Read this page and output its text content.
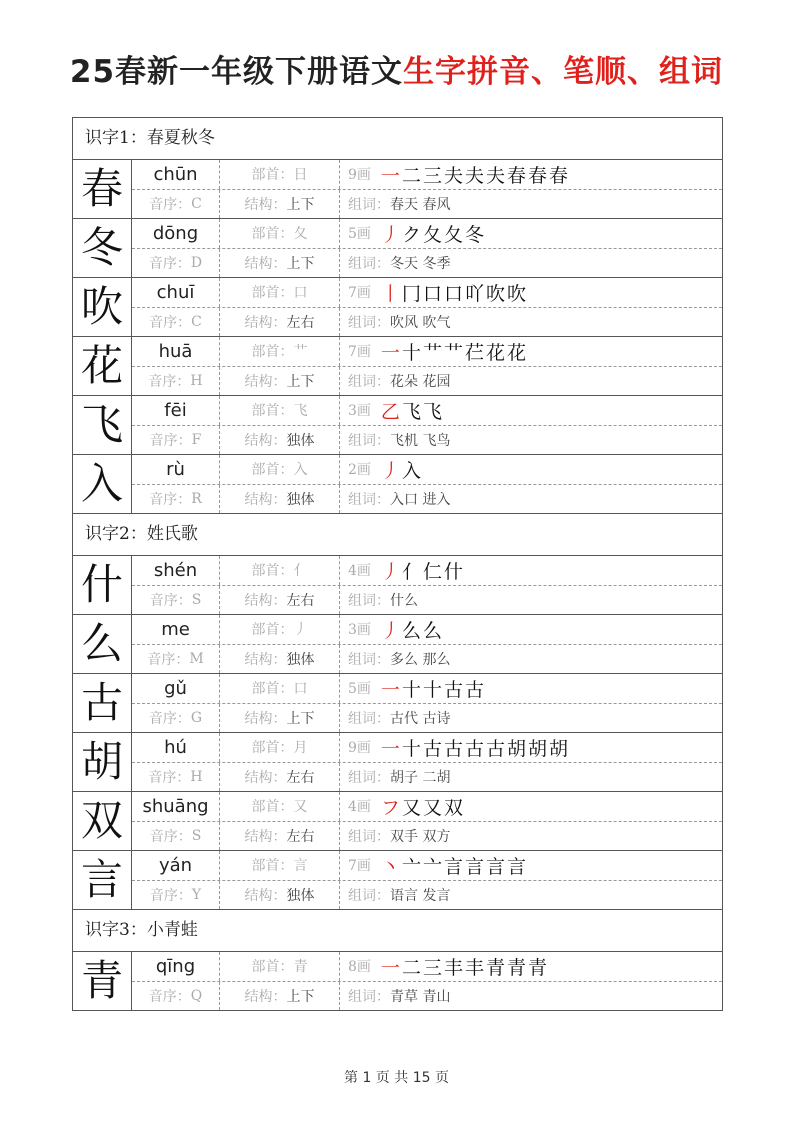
25春新一年级下册语文生字拼音、笔顺、组词
识字1：春夏秋冬
春	chūn	部首： 日	9画 一 二 三 夫 夫 夫 春 春 春
音序： C	结构： 上下 组词： 春天 春风
冬	dōng	部首： 夂	5画 丿 ク 夂 夂 冬
音序： D	结构： 上下 组词： 冬天 冬季
吹	chuī	部首： 口	7画 丨 冂 口 口 吖 吹 吹
音序： C	结构： 左右 组词： 吹风 吹气
花	huā	部首： 艹	7画 一 十 艹 艹 芢 花 花
音序： H	结构： 上下 组词： 花朵 花园
飞	fēi	部首： 飞	3画 乙 飞 飞
音序： F	结构： 独体 组词： 飞机 飞鸟
入	rù	部首： 入	2画 丿 入
音序： R	结构： 独体 组词： 入口 进入
识字2：姓氏歌
什	shén	部首： 亻	4画 丿 亻 仁 什
音序： S	结构： 左右 组词： 什么
么	me	部首： 丿	3画 丿 么 么
音序： M	结构： 独体 组词： 多么 那么
古	gǔ	部首： 口	5画 一 十 十 古 古
音序： G	结构： 上下 组词： 古代 古诗
胡	hú	部首： 月	9画 一 十 古 古 古 古 胡 胡 胡
音序： H	结构： 左右 组词： 胡子 二胡
双	shuāng	部首： 又	4画 フ 又 又 双
音序： S	结构： 左右 组词： 双手 双方
言	yán	部首： 言	7画 丶 亠 亠 言 言 言 言
音序： Y	结构： 独体 组词： 语言 发言
识字3：小青蛙
青	qīng	部首： 青	8画 一 二 三 丰 丰 青 青 青
音序： Q	结构： 上下 组词： 青草 青山
第 1 页 共 15 页
